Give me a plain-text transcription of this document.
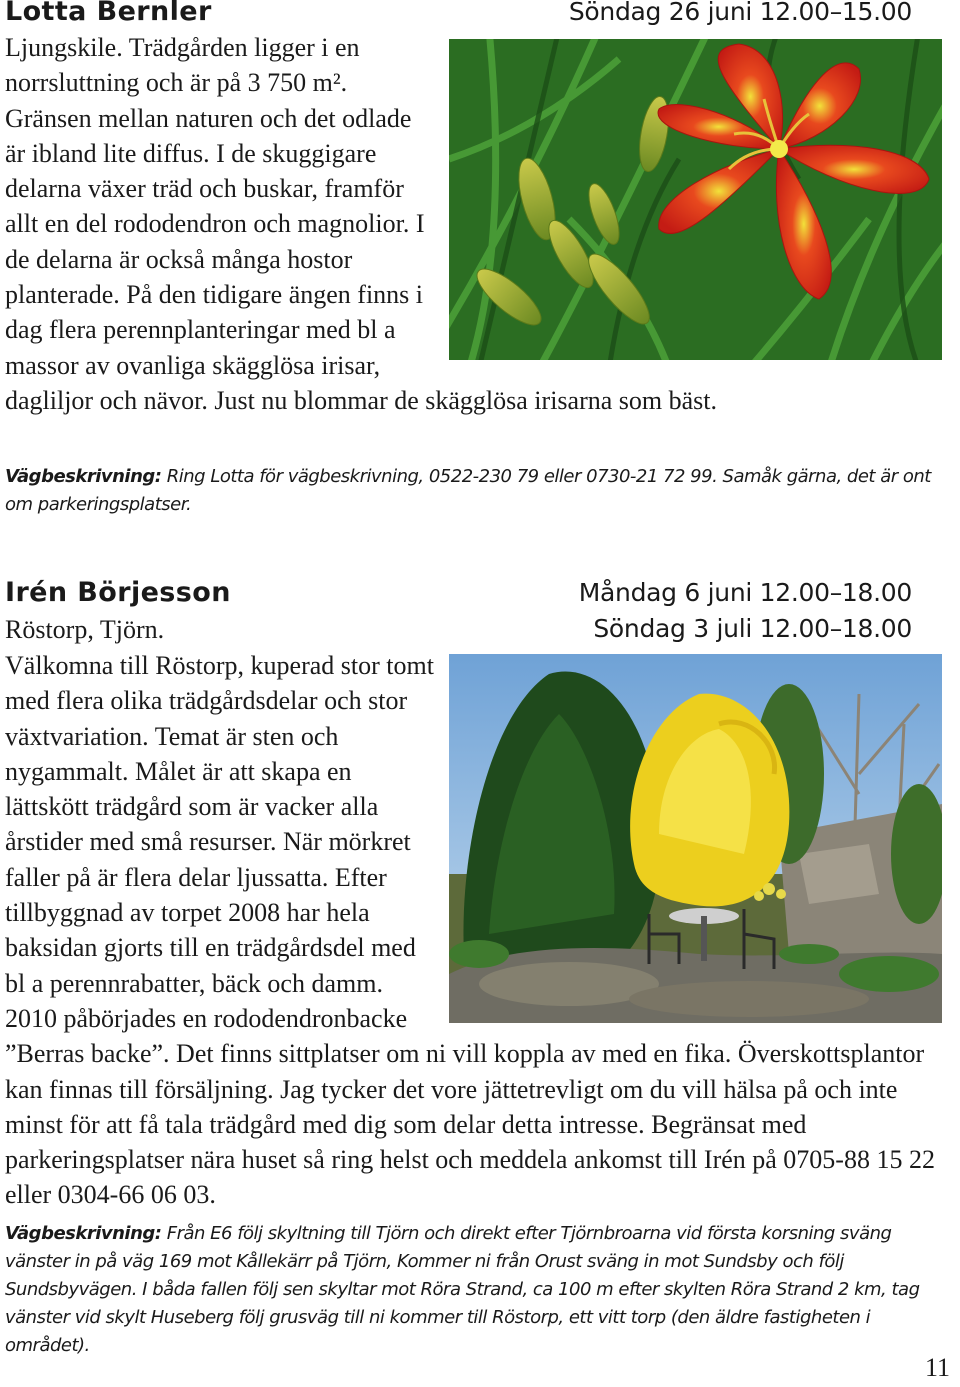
Lotta Bernler	Söndag 26 juni 12.00–15.00

Ljungskile. Trädgården ligger i en norrsluttning och är på 3 750 m². Gränsen mellan naturen och det odlade är ibland lite diffus. I de skuggigare delarna växer träd och buskar, framför allt en del rododendron och magnolior. I de delarna är också många hostor planterade. På den tidigare ängen finns i dag flera perennplanteringar med bl a massor av ovanliga skägglösa irisar, dagliljor och nävor. Just nu blommar de skägglösa irisarna som bäst.

Vägbeskrivning: Ring Lotta för vägbeskrivning, 0522-230 79 eller 0730-21 72 99. Samåk gärna, det är ont om parkeringsplatser.

Irén Börjesson	Måndag 6 juni 12.00–18.00
Röstorp, Tjörn.	Söndag 3 juli 12.00–18.00

Välkomna till Röstorp, kuperad stor tomt med flera olika trädgårdsdelar och stor växtvariation. Temat är sten och nygammalt. Målet är att skapa en lättskött trädgård som är vacker alla årstider med små resurser. När mörkret faller på är flera delar ljussatta. Efter tillbyggnad av torpet 2008 har hela baksidan gjorts till en trädgårdsdel med bl a perennrabatter, bäck och damm. 2010 påbörjades en rododendronbacke ”Berras backe”. Det finns sittplatser om ni vill koppla av med en fika. Överskottsplantor kan finnas till försäljning. Jag tycker det vore jättetrevligt om du vill hälsa på och inte minst för att få tala trädgård med dig som delar detta intresse. Begränsat med parkeringsplatser nära huset så ring helst och meddela ankomst till Irén på 0705-88 15 22 eller 0304-66 06 03.

Vägbeskrivning: Från E6 följ skyltning till Tjörn och direkt efter Tjörnbroarna vid första korsning sväng vänster in på väg 169 mot Kållekärr på Tjörn, Kommer ni från Orust sväng in mot Sundsby och följ Sundsbyvägen. I båda fallen följ sen skyltar mot Röra Strand, ca 100 m efter skylten Röra Strand 2 km, tag vänster vid skylt Huseberg följ grusväg till ni kommer till Röstorp, ett vitt torp (den äldre fastigheten i området).

11
